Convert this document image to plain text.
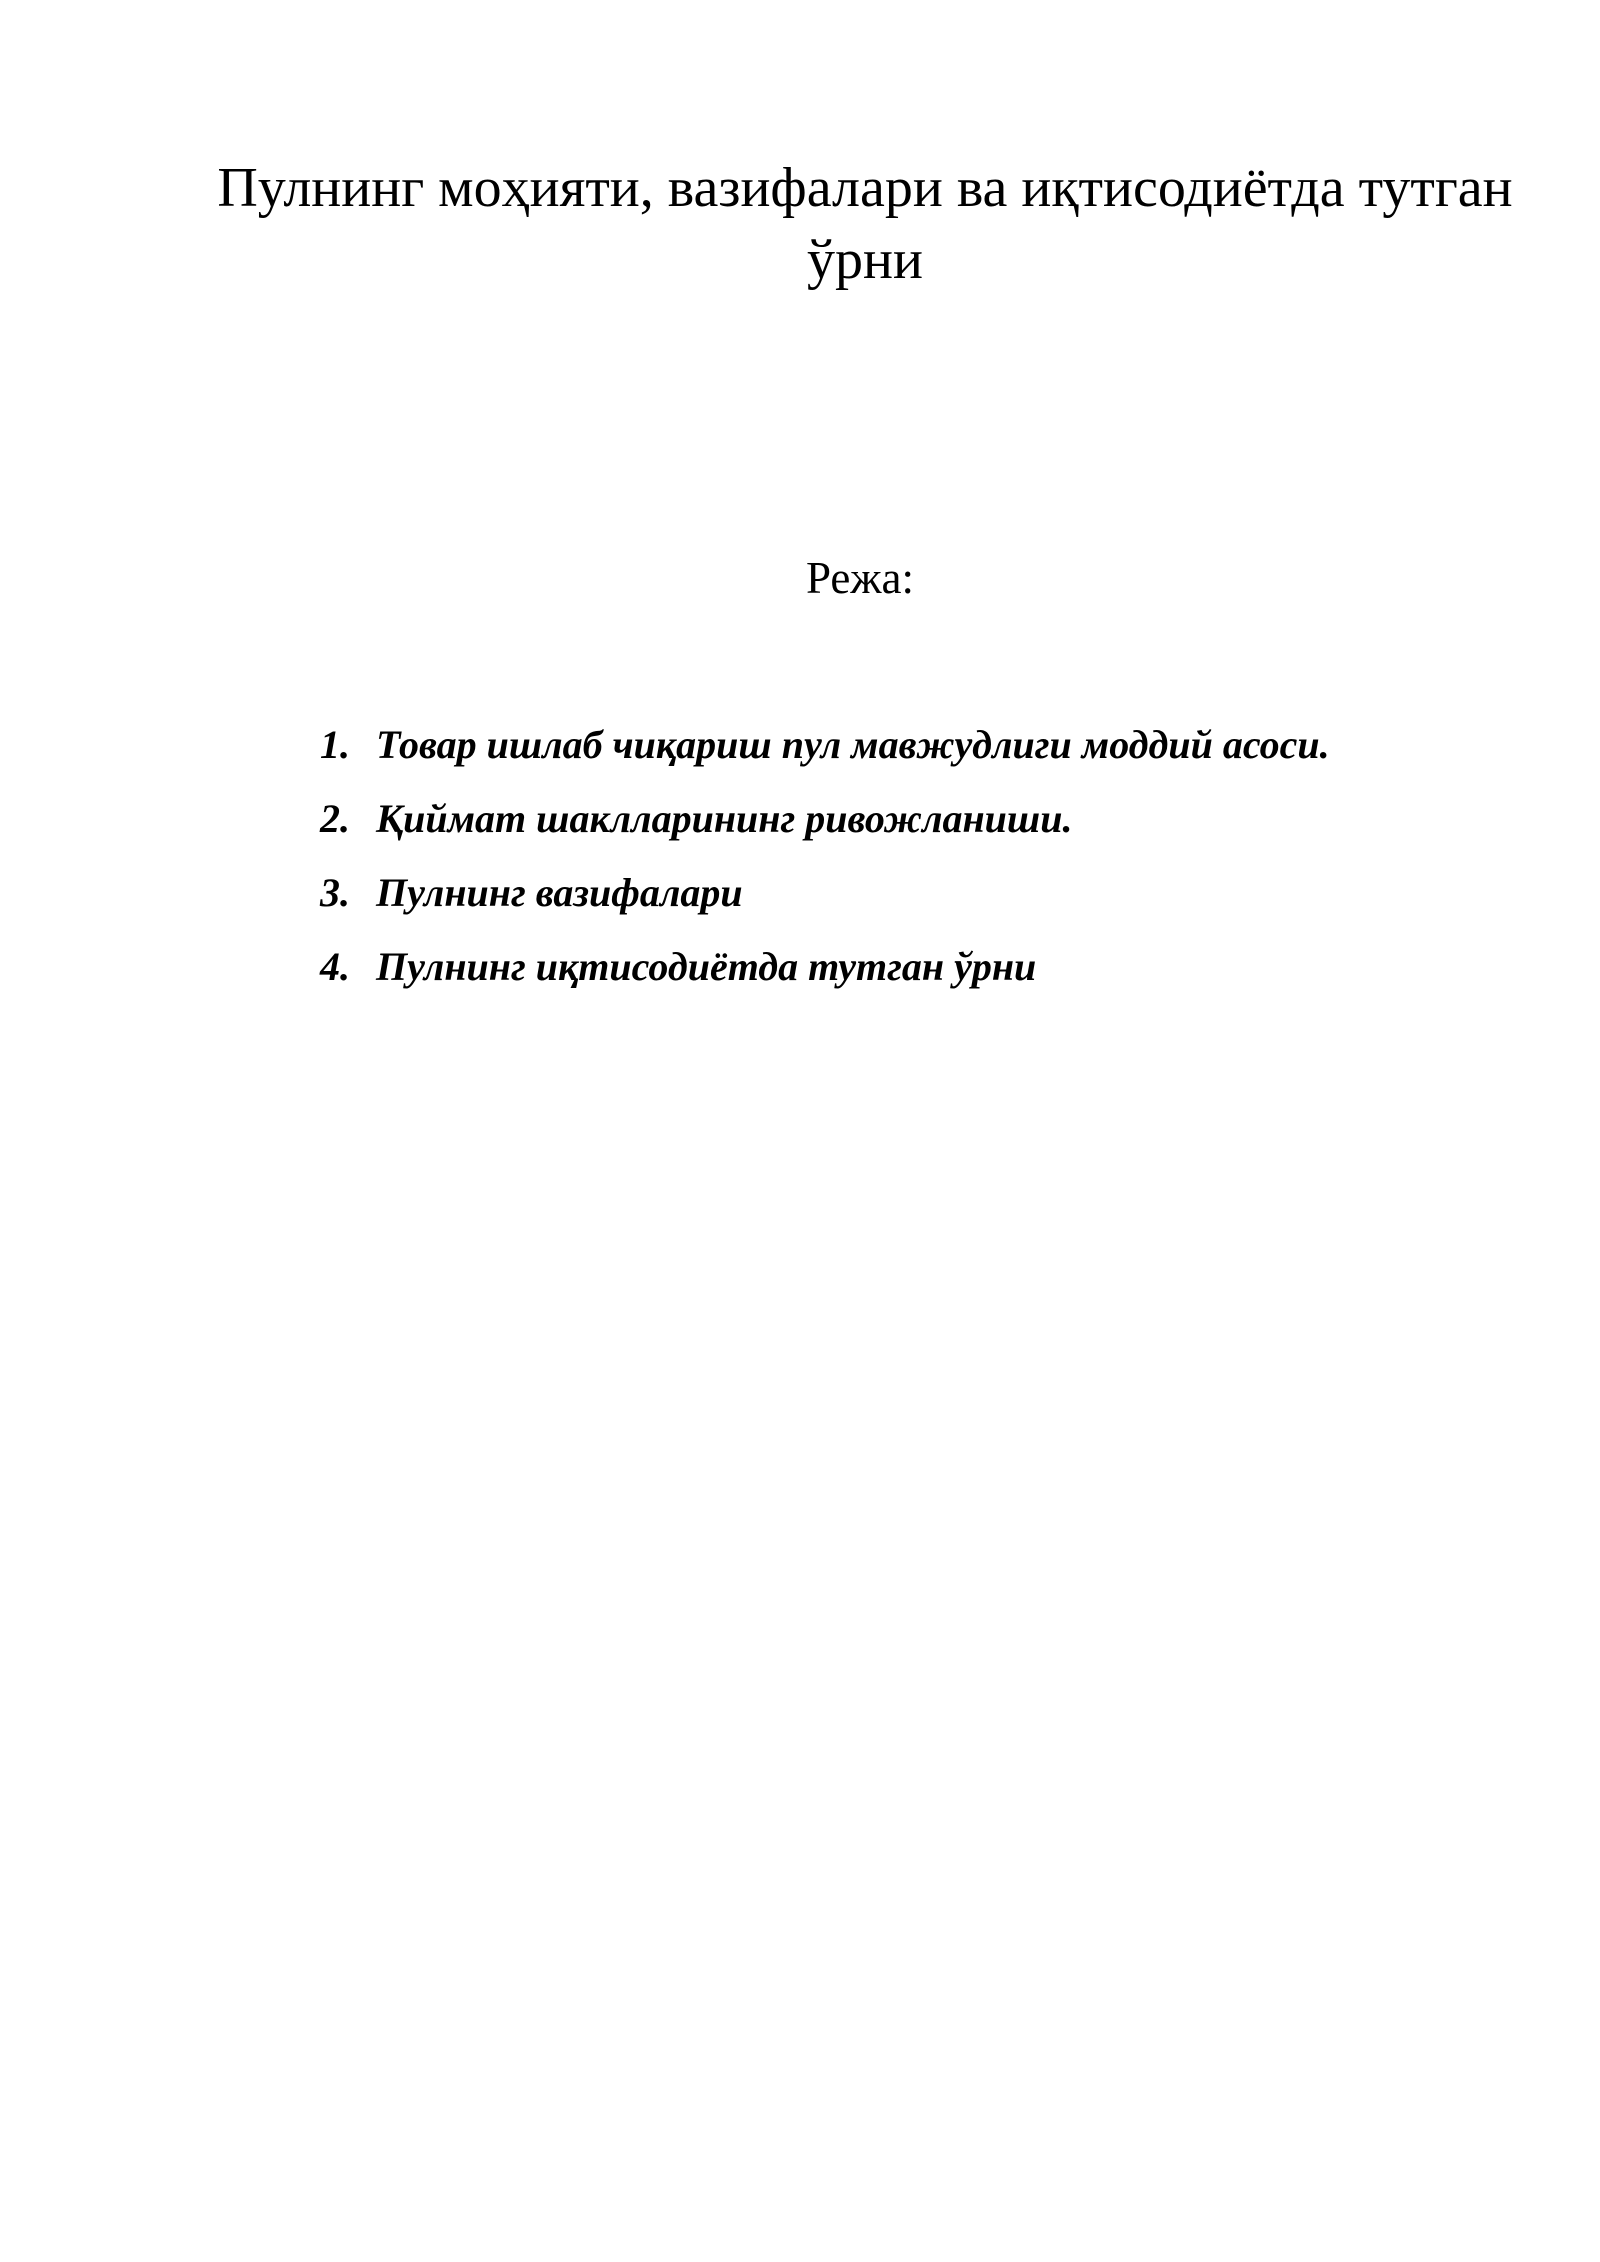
Пулнинг моҳияти, вазифалари ва иқтисодиётда тутган ўрни

Режа:

1. Товар ишлаб чиқариш пул мавжудлиги моддий асоси.
2. Қиймат шаклларининг ривожланиши.
3. Пулнинг вазифалари
4. Пулнинг иқтисодиётда тутган ўрни
